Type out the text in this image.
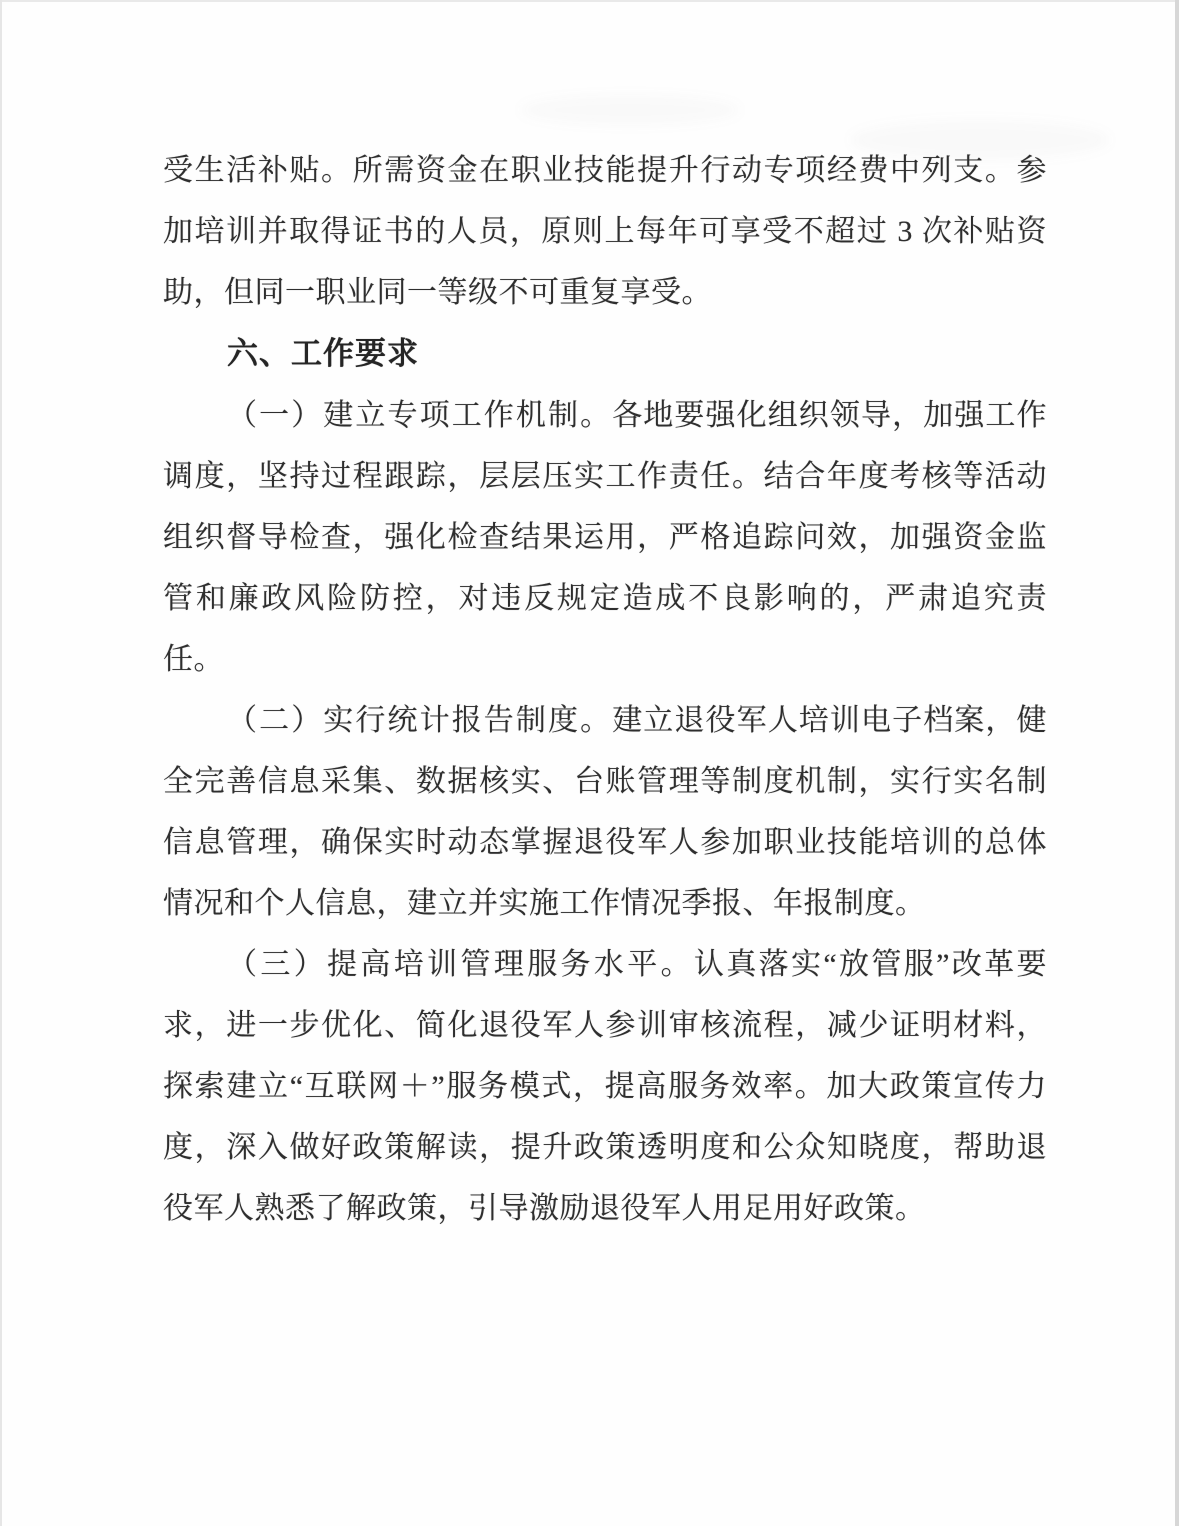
受生活补贴。所需资金在职业技能提升行动专项经费中列支。参加培训并取得证书的人员，原则上每年可享受不超过 3 次补贴资助，但同一职业同一等级不可重复享受。

六、工作要求

（一）建立专项工作机制。各地要强化组织领导，加强工作调度，坚持过程跟踪，层层压实工作责任。结合年度考核等活动组织督导检查，强化检查结果运用，严格追踪问效，加强资金监管和廉政风险防控，对违反规定造成不良影响的，严肃追究责任。

（二）实行统计报告制度。建立退役军人培训电子档案，健全完善信息采集、数据核实、台账管理等制度机制，实行实名制信息管理，确保实时动态掌握退役军人参加职业技能培训的总体情况和个人信息，建立并实施工作情况季报、年报制度。

（三）提高培训管理服务水平。认真落实“放管服”改革要求，进一步优化、简化退役军人参训审核流程，减少证明材料，探索建立“互联网＋”服务模式，提高服务效率。加大政策宣传力度，深入做好政策解读，提升政策透明度和公众知晓度，帮助退役军人熟悉了解政策，引导激励退役军人用足用好政策。
